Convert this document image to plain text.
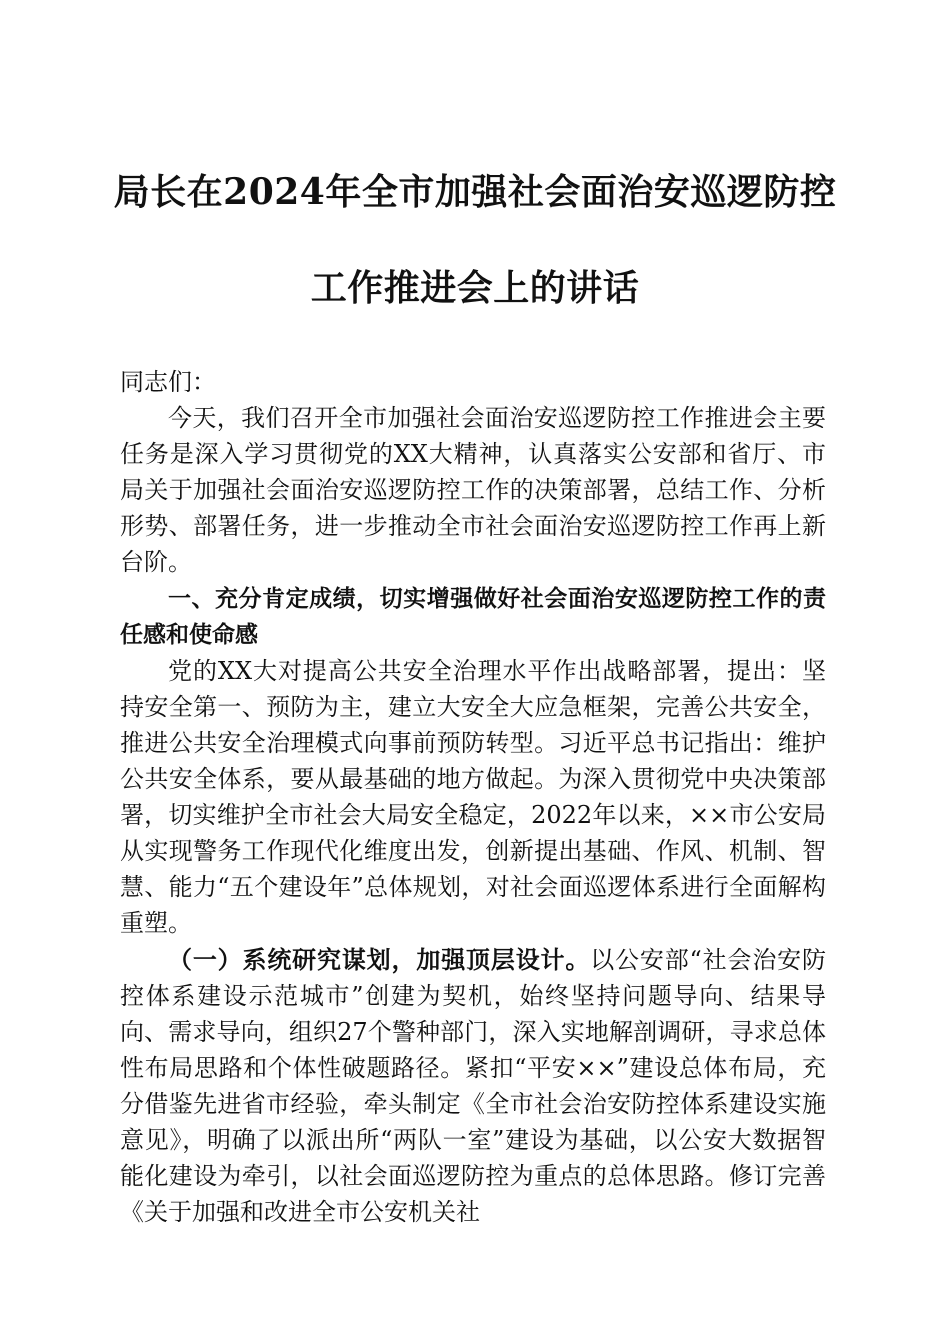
局长在2024年全市加强社会面治安巡逻防控
工作推进会上的讲话

同志们：

今天，我们召开全市加强社会面治安巡逻防控工作推进会主要任务是深入学习贯彻党的XX大精神，认真落实公安部和省厅、市局关于加强社会面治安巡逻防控工作的决策部署，总结工作、分析形势、部署任务，进一步推动全市社会面治安巡逻防控工作再上新台阶。

一、充分肯定成绩，切实增强做好社会面治安巡逻防控工作的责任感和使命感

党的XX大对提高公共安全治理水平作出战略部署，提出：坚持安全第一、预防为主，建立大安全大应急框架，完善公共安全，推进公共安全治理模式向事前预防转型。习近平总书记指出：维护公共安全体系，要从最基础的地方做起。为深入贯彻党中央决策部署，切实维护全市社会大局安全稳定，2022年以来，××市公安局从实现警务工作现代化维度出发，创新提出基础、作风、机制、智慧、能力“五个建设年”总体规划，对社会面巡逻体系进行全面解构重塑。

（一）系统研究谋划，加强顶层设计。以公安部“社会治安防控体系建设示范城市”创建为契机，始终坚持问题导向、结果导向、需求导向，组织27个警种部门，深入实地解剖调研，寻求总体性布局思路和个体性破题路径。紧扣“平安××”建设总体布局，充分借鉴先进省市经验，牵头制定《全市社会治安防控体系建设实施意见》，明确了以派出所“两队一室”建设为基础，以公安大数据智能化建设为牵引，以社会面巡逻防控为重点的总体思路。修订完善《关于加强和改进全市公安机关社
